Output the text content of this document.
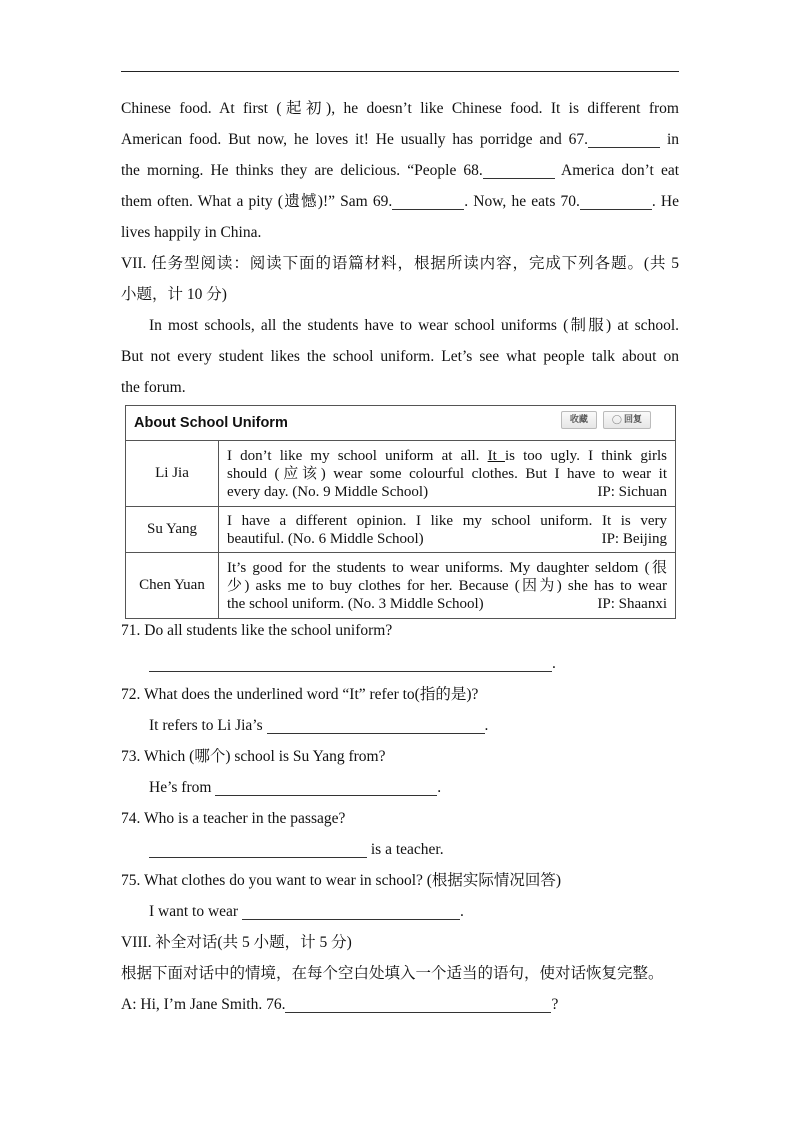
Chinese food. At first (起初), he doesn’t like Chinese food. It is different from
American food. But now, he loves it! He usually has porridge and 67.	in
the morning. He thinks they are delicious. “People 68.	America don’t eat
them often. What a pity (遗憾)!” Sam 69.	. Now, he eats 70.	. He
lives happily in China.
VII. 任务型阅读：阅读下面的语篇材料，根据所读内容，完成下列各题。(共 5
小题，计 10 分)
In most schools, all the students have to wear school uniforms (制服) at school.
But not every student likes the school uniform. Let’s see what people talk about on
the forum.
About School Uniform 收藏 ◯ 回复	

Li Jia	I don’t like my school uniform at all. It is too ugly. I think girls
should (应该) wear some colourful clothes. But I have to wear it
every day. (No. 9 Middle School) IP: Sichuan

Su Yang	I have a different opinion. I like my school uniform. It is very
beautiful. (No. 6 Middle School) IP: Beijing

Chen Yuan	It’s good for the students to wear uniforms. My daughter seldom (很
少) asks me to buy clothes for her. Because (因为) she has to wear
the school uniform. (No. 3 Middle School) IP: Shaanxi
71. Do all students like the school uniform?
.
72. What does the underlined word “It” refer to(指的是)?
It refers to Li Jia’s	.
73. Which (哪个) school is Su Yang from?
He’s from	.
74. Who is a teacher in the passage?
is a teacher.
75. What clothes do you want to wear in school? (根据实际情况回答)
I want to wear	.
VIII. 补全对话(共 5 小题，计 5 分)
根据下面对话中的情境，在每个空白处填入一个适当的语句，使对话恢复完整。
A: Hi, I’m Jane Smith. 76.	?
